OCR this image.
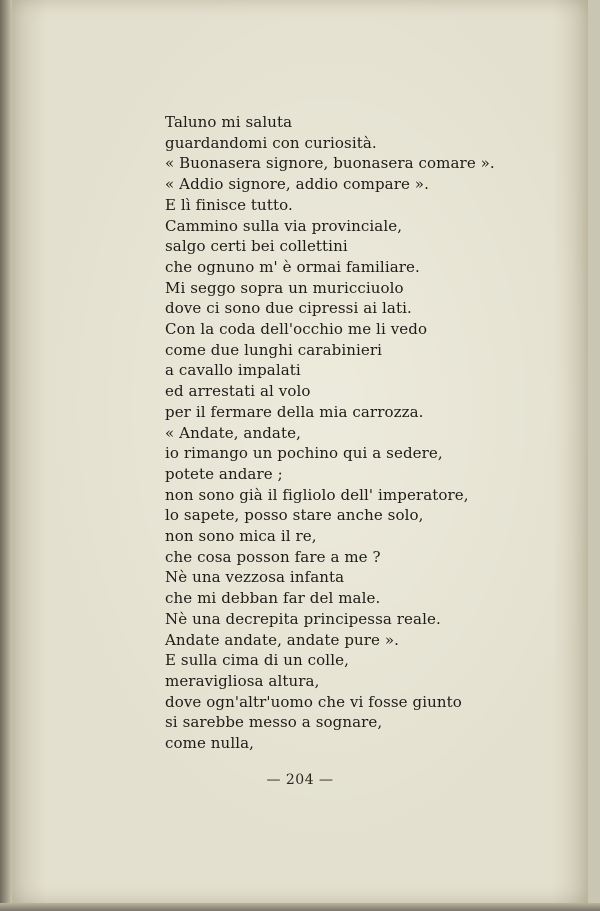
Taluno mi saluta
guardandomi con curiosità.
« Buonasera signore, buonasera comare ».
« Addio signore, addio compare ».
E lì finisce tutto.
Cammino sulla via provinciale,
salgo certi bei collettini
che ognuno m' è ormai familiare.
Mi seggo sopra un muricciuolo
dove ci sono due cipressi ai lati.
Con la coda dell'occhio me li vedo
come due lunghi carabinieri
a cavallo impalati
ed arrestati al volo
per il fermare della mia carrozza.
« Andate, andate,
io rimango un pochino qui a sedere,
potete andare ;
non sono già il figliolo dell' imperatore,
lo sapete, posso stare anche solo,
non sono mica il re,
che cosa posson fare a me ?
Nè una vezzosa infanta
che mi debban far del male.
Nè una decrepita principessa reale.
Andate andate, andate pure ».
E sulla cima di un colle,
meravigliosa altura,
dove ogn'altr'uomo che vi fosse giunto
si sarebbe messo a sognare,
come nulla,
— 204 —
